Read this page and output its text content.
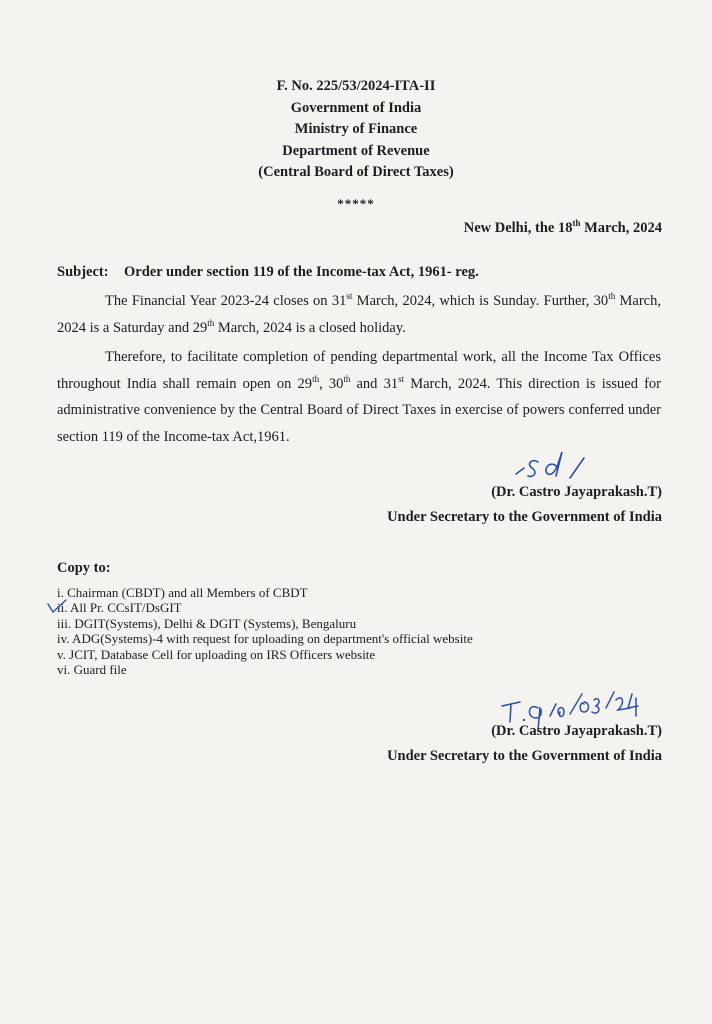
F. No. 225/53/2024-ITA-II
Government of India
Ministry of Finance
Department of Revenue
(Central Board of Direct Taxes)
*****
New Delhi, the 18th March, 2024
Subject: Order under section 119 of the Income-tax Act, 1961- reg.
The Financial Year 2023-24 closes on 31st March, 2024, which is Sunday. Further, 30th March, 2024 is a Saturday and 29th March, 2024 is a closed holiday.
Therefore, to facilitate completion of pending departmental work, all the Income Tax Offices throughout India shall remain open on 29th, 30th and 31st March, 2024. This direction is issued for administrative convenience by the Central Board of Direct Taxes in exercise of powers conferred under section 119 of the Income-tax Act,1961.
(Dr. Castro Jayaprakash.T)
Under Secretary to the Government of India
Copy to:
i. Chairman (CBDT) and all Members of CBDT
ii. All Pr. CCsIT/DsGIT
iii. DGIT(Systems), Delhi & DGIT (Systems), Bengaluru
iv. ADG(Systems)-4 with request for uploading on department's official website
v. JCIT, Database Cell for uploading on IRS Officers website
vi. Guard file
(Dr. Castro Jayaprakash.T)
Under Secretary to the Government of India
